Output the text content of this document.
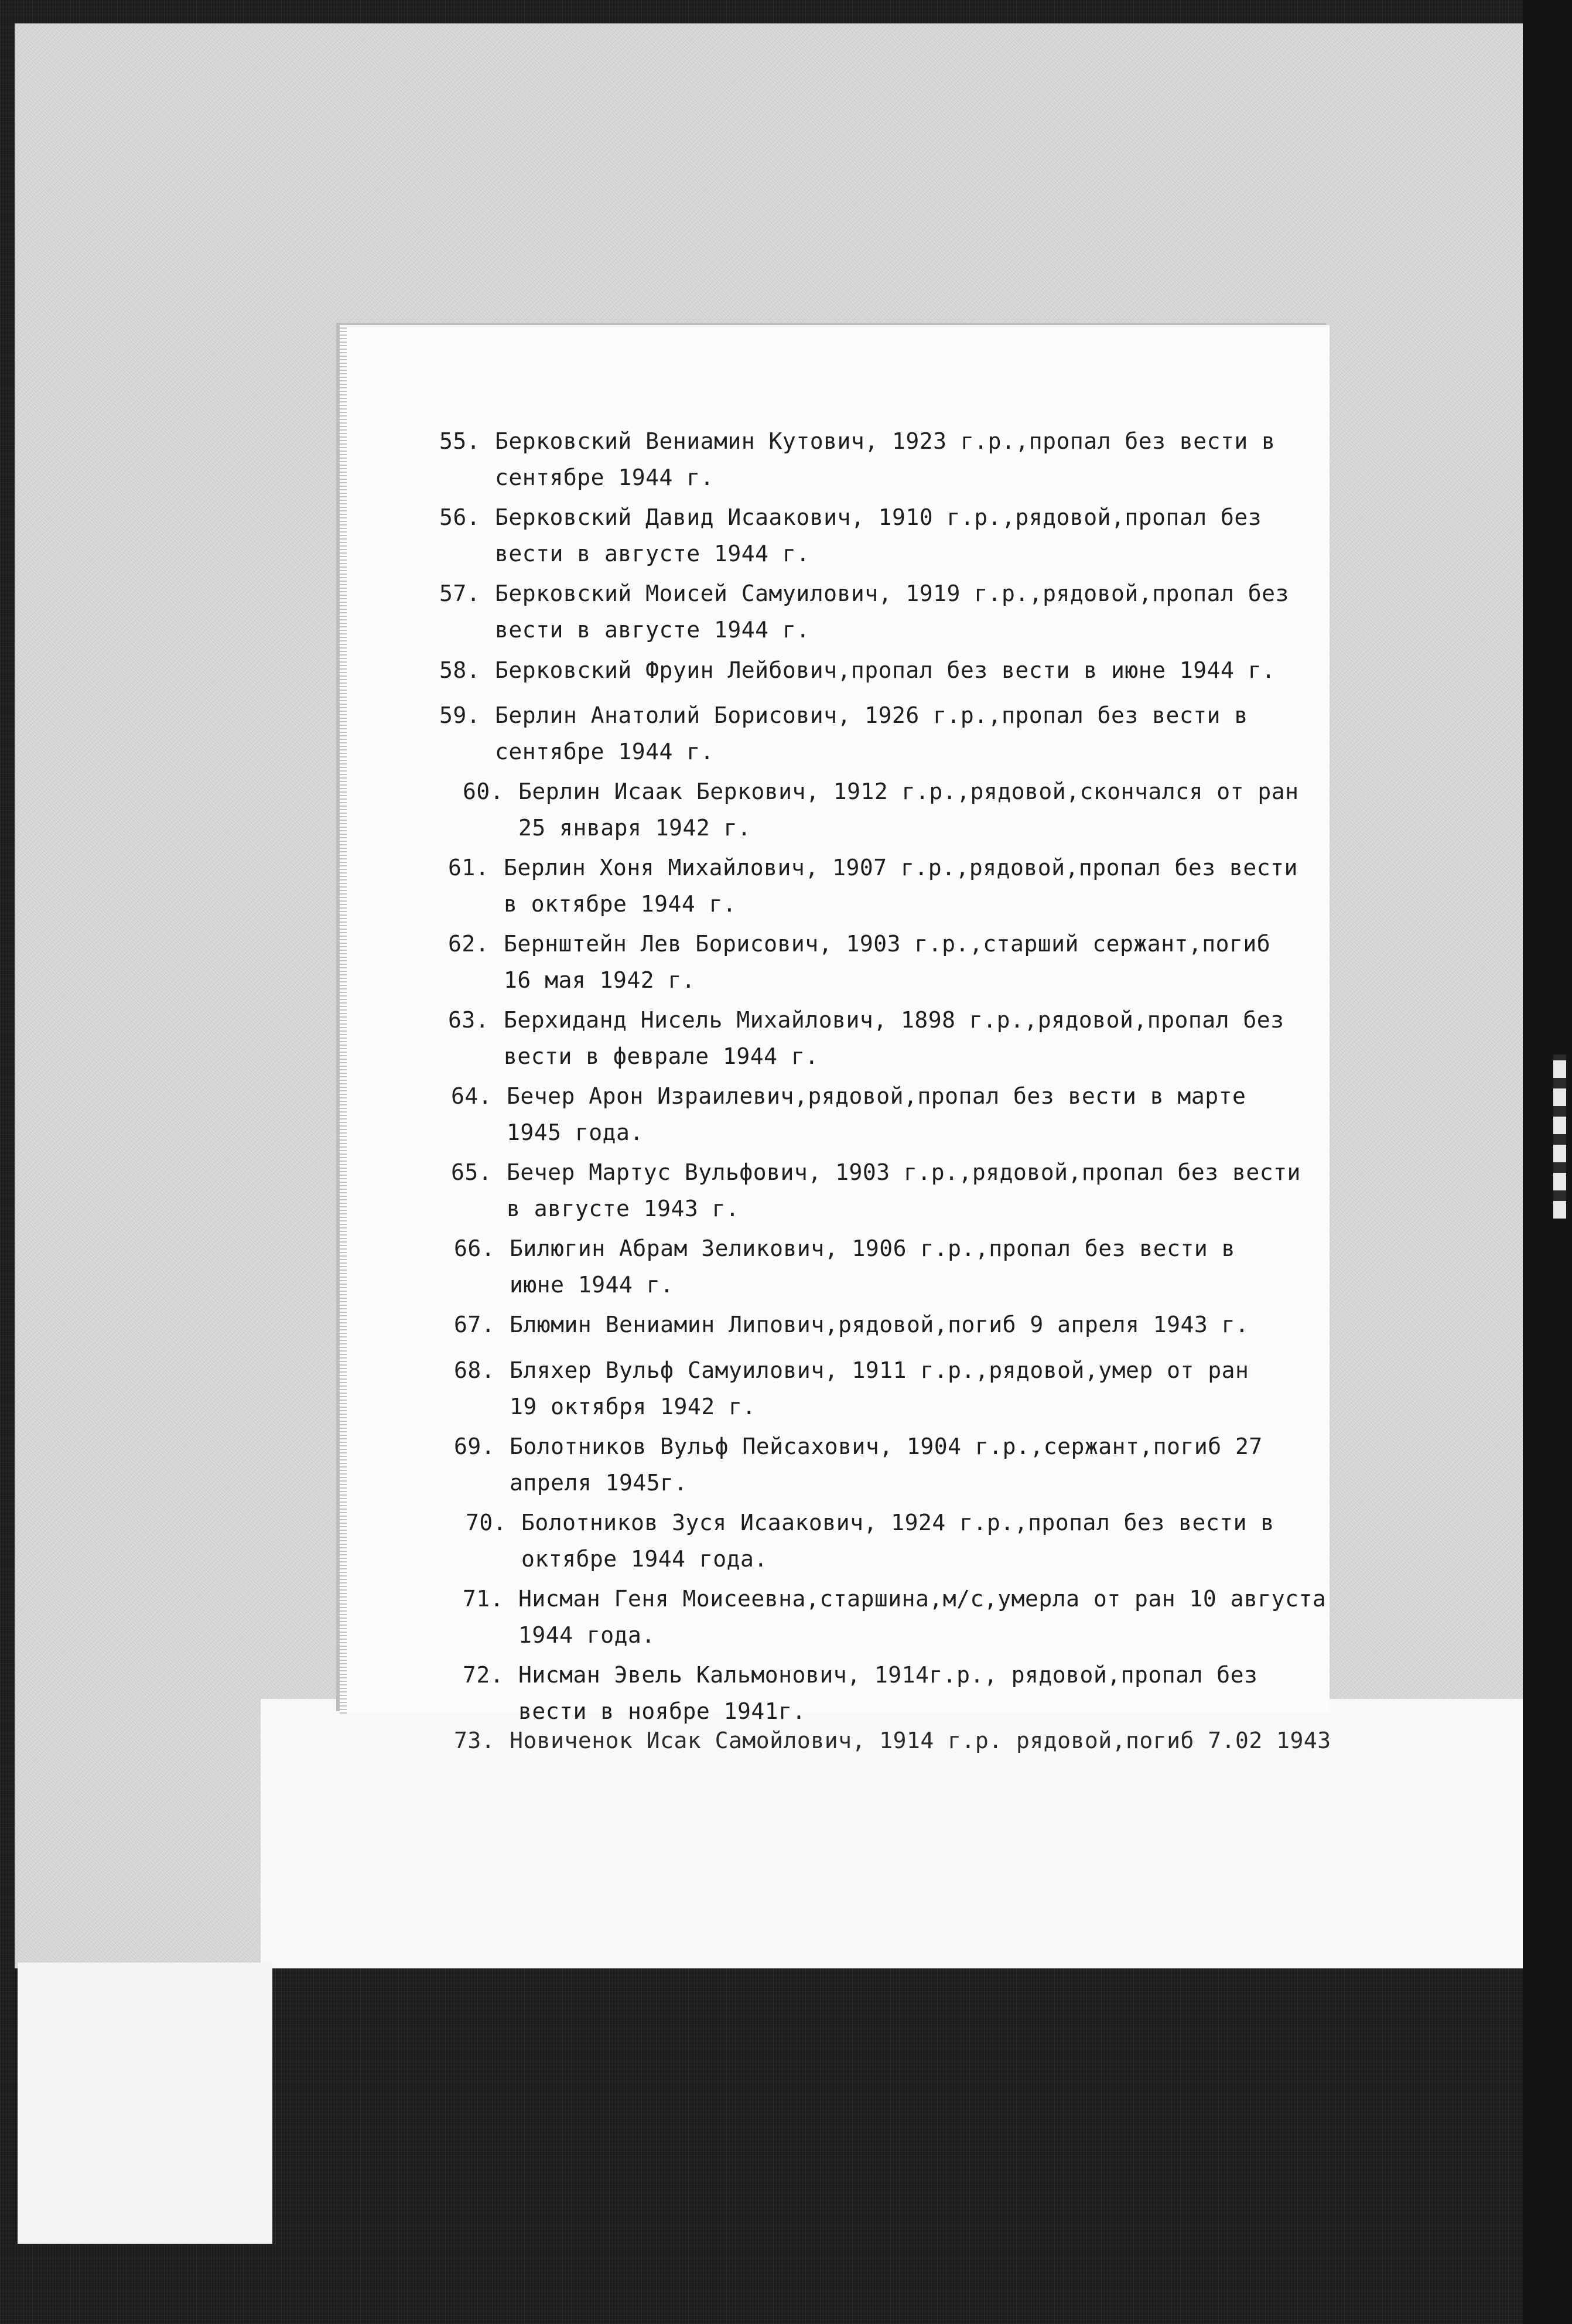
55. Берковский Вениамин Кутович, 1923 г.р.,пропал без вести в
сентябре 1944 г.
56. Берковский Давид Исаакович, 1910 г.р.,рядовой,пропал без
вести в августе 1944 г.
57. Берковский Моисей Самуилович, 1919 г.р.,рядовой,пропал без
вести в августе 1944 г.
58. Берковский Фруин Лейбович,пропал без вести в июне 1944 г.
59. Берлин Анатолий Борисович, 1926 г.р.,пропал без вести в
сентябре 1944 г.
60. Берлин Исаак Беркович, 1912 г.р.,рядовой,скончался от ран
25 января 1942 г.
61. Берлин Хоня Михайлович, 1907 г.р.,рядовой,пропал без вести
в октябре 1944 г.
62. Бернштейн Лев Борисович, 1903 г.р.,старший сержант,погиб
16 мая 1942 г.
63. Берхиданд Нисель Михайлович, 1898 г.р.,рядовой,пропал без
вести в феврале 1944 г.
64. Бечер Арон Израилевич,рядовой,пропал без вести в марте
1945 года.
65. Бечер Мартус Вульфович, 1903 г.р.,рядовой,пропал без вести
в августе 1943 г.
66. Билюгин Абрам Зеликович, 1906 г.р.,пропал без вести в
июне 1944 г.
67. Блюмин Вениамин Липович,рядовой,погиб 9 апреля 1943 г.
68. Бляхер Вульф Самуилович, 1911 г.р.,рядовой,умер от ран
19 октября 1942 г.
69. Болотников Вульф Пейсахович, 1904 г.р.,сержант,погиб 27
апреля 1945г.
70. Болотников Зуся Исаакович, 1924 г.р.,пропал без вести в
октябре 1944 года.
71. Нисман Геня Моисеевна,старшина,м/с,умерла от ран 10 августа
1944 года.
72. Нисман Эвель Кальмонович, 1914г.р., рядовой,пропал без
вести в ноябре 1941г.
73. Новиченок Исак Самойлович, 1914 г.р. рядовой,погиб 7.02 1943
